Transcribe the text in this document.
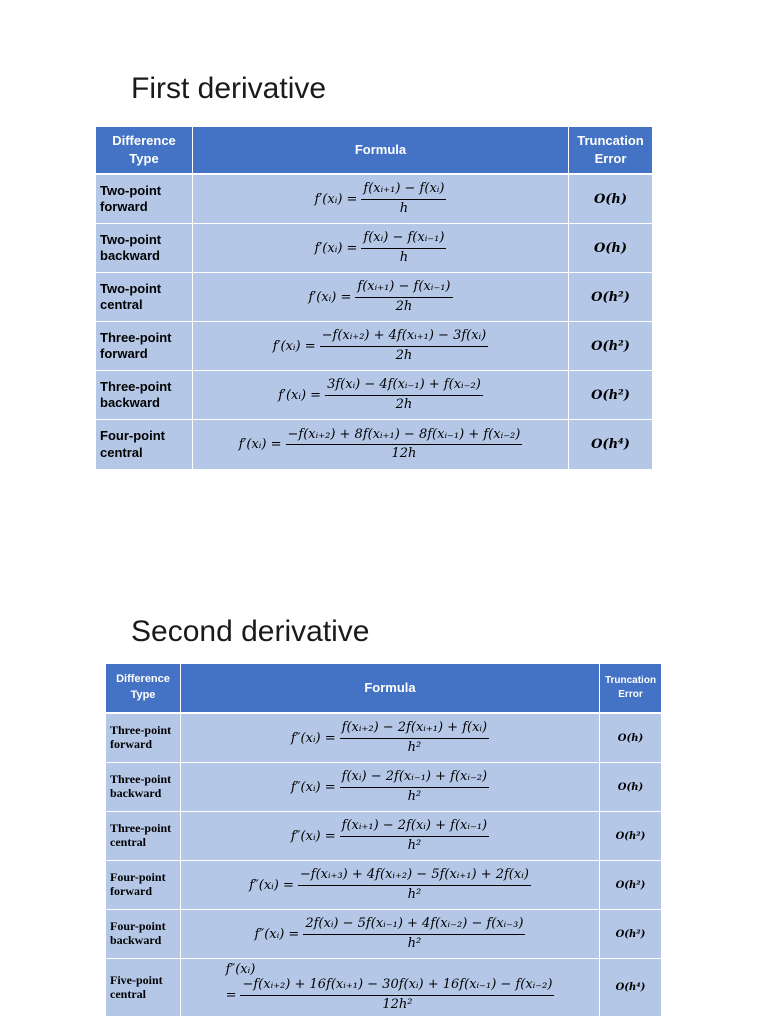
First derivative
Difference Type	Formula	Truncation Error
Two-point forward	f′(xᵢ) = $\frac{\text{f(xᵢ₊₁) − f(xᵢ)}}{h}$	O(h)
Two-point backward	f′(xᵢ) = $\frac{\text{f(xᵢ) − f(xᵢ₋₁)}}{h}$	O(h)
Two-point central	f′(xᵢ) = $\frac{\text{f(xᵢ₊₁) − f(xᵢ₋₁)}}{2h}$	O(h²)
Three-point forward	f′(xᵢ) = $\frac{\text{−f(xᵢ₊₂) + 4f(xᵢ₊₁) − 3f(xᵢ)}}{2h}$	O(h²)
Three-point backward	f′(xᵢ) = $\frac{\text{3f(xᵢ) − 4f(xᵢ₋₁) + f(xᵢ₋₂)}}{2h}$	O(h²)
Four-point central	f′(xᵢ) = $\frac{\text{−f(xᵢ₊₂) + 8f(xᵢ₊₁) − 8f(xᵢ₋₁) + f(xᵢ₋₂)}}{12h}$	O(h⁴)
Second derivative
Difference Type	Formula	Truncation Error
Three-point forward	f″(xᵢ) = $\frac{\text{f(xᵢ₊₂) − 2f(xᵢ₊₁) + f(xᵢ)}}{\text{h²}}$	O(h)
Three-point backward	f″(xᵢ) = $\frac{\text{f(xᵢ) − 2f(xᵢ₋₁) + f(xᵢ₋₂)}}{\text{h²}}$	O(h)
Three-point central	f″(xᵢ) = $\frac{\text{f(xᵢ₊₁) − 2f(xᵢ) + f(xᵢ₋₁)}}{\text{h²}}$	O(h²)
Four-point forward	f″(xᵢ) = $\frac{\text{−f(xᵢ₊₃) + 4f(xᵢ₊₂) − 5f(xᵢ₊₁) + 2f(xᵢ)}}{\text{h²}}$	O(h²)
Four-point backward	f″(xᵢ) = $\frac{\text{2f(xᵢ) − 5f(xᵢ₋₁) + 4f(xᵢ₋₂) − f(xᵢ₋₃)}}{\text{h²}}$	O(h²)
Five-point central	f″(xᵢ)
= $\frac{\text{−f(xᵢ₊₂) + 16f(xᵢ₊₁) − 30f(xᵢ) + 16f(xᵢ₋₁) − f(xᵢ₋₂)}}{\text{12h²}}$	O(h⁴)
